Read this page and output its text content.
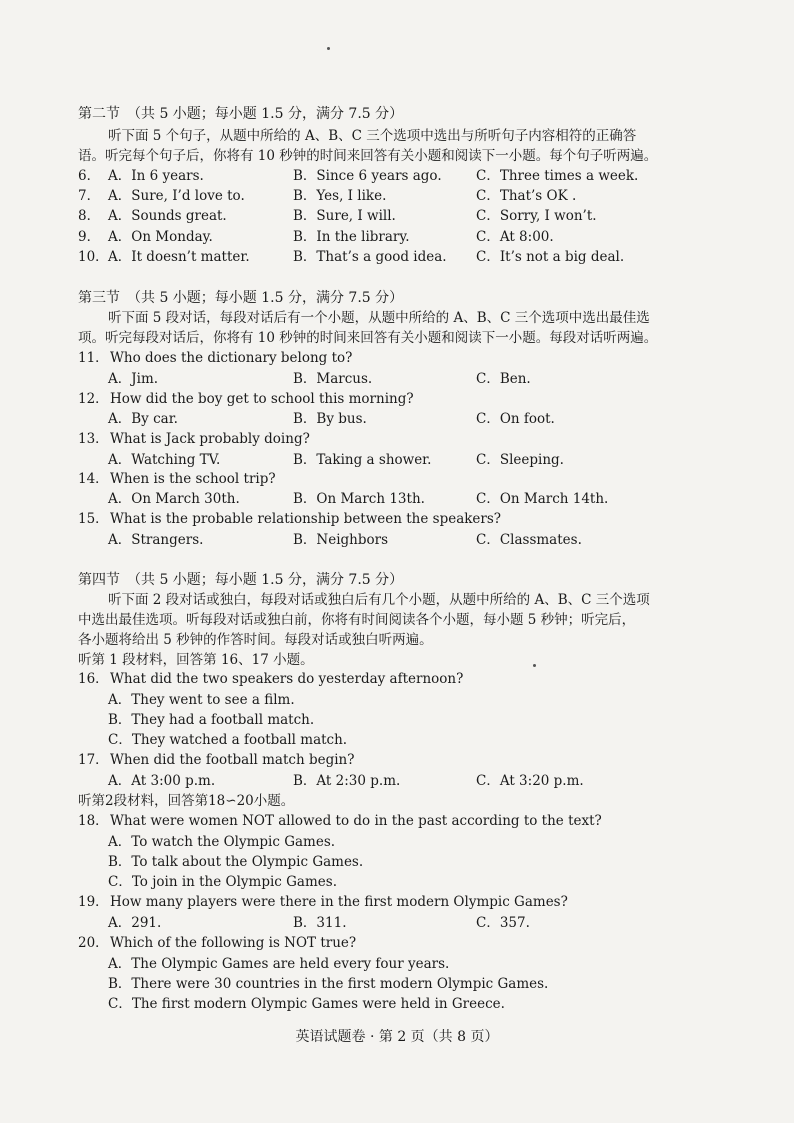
第二节　（共 5 小题；每小题 1.5 分，满分 7.5 分）
听下面 5 个句子，从题中所给的 A、B、C 三个选项中选出与所听句子内容相符的正确答
语。听完每个句子后，你将有 10 秒钟的时间来回答有关小题和阅读下一小题。每个句子听两遍。
6． A．In 6 years.	B．Since 6 years ago.	C．Three times a week.
7． A．Sure, I’d love to.	B．Yes, I like.	C．That’s OK .
8． A．Sounds great.	B．Sure, I will.	C．Sorry, I won’t.
9． A．On Monday.	B．In the library.	C．At 8:00.
10． A．It doesn’t matter.	B．That’s a good idea. C．It’s not a big deal.
第三节　（共 5 小题；每小题 1.5 分，满分 7.5 分）
听下面 5 段对话，每段对话后有一个小题，从题中所给的 A、B、C 三个选项中选出最佳选
项。听完每段对话后，你将有 10 秒钟的时间来回答有关小题和阅读下一小题。每段对话听两遍。
11．Who does the dictionary belong to?
A．Jim.	B．Marcus.	C．Ben.
12．How did the boy get to school this morning?
A．By car.	B．By bus.	C．On foot.
13．What is Jack probably doing?
A．Watching TV.	B．Taking a shower.	C．Sleeping.
14．When is the school trip?
A．On March 30th.	B．On March 13th.	C．On March 14th.
15．What is the probable relationship between the speakers?
A．Strangers.	B．Neighbors	C．Classmates.
第四节　（共 5 小题；每小题 1.5 分，满分 7.5 分）
听下面 2 段对话或独白，每段对话或独白后有几个小题，从题中所给的 A、B、C 三个选项
中选出最佳选项。听每段对话或独白前，你将有时间阅读各个小题，每小题 5 秒钟；听完后，
各小题将给出 5 秒钟的作答时间。每段对话或独白听两遍。
听第 1 段材料，回答第 16、17 小题。
16．What did the two speakers do yesterday afternoon?
A．They went to see a film.
B．They had a football match.
C．They watched a football match.
17．When did the football match begin?
A．At 3:00 p.m.	B．At 2:30 p.m.	C．At 3:20 p.m.
听第2段材料，回答第18∽20小题。
18．What were women NOT allowed to do in the past according to the text?
A．To watch the Olympic Games.
B．To talk about the Olympic Games.
C．To join in the Olympic Games.
19．How many players were there in the first modern Olympic Games?
A．291.	B．311.	C．357.
20．Which of the following is NOT true?
A．The Olympic Games are held every four years.
B．There were 30 countries in the first modern Olympic Games.
C．The first modern Olympic Games were held in Greece.
英语试题卷 · 第 2 页（共 8 页）
